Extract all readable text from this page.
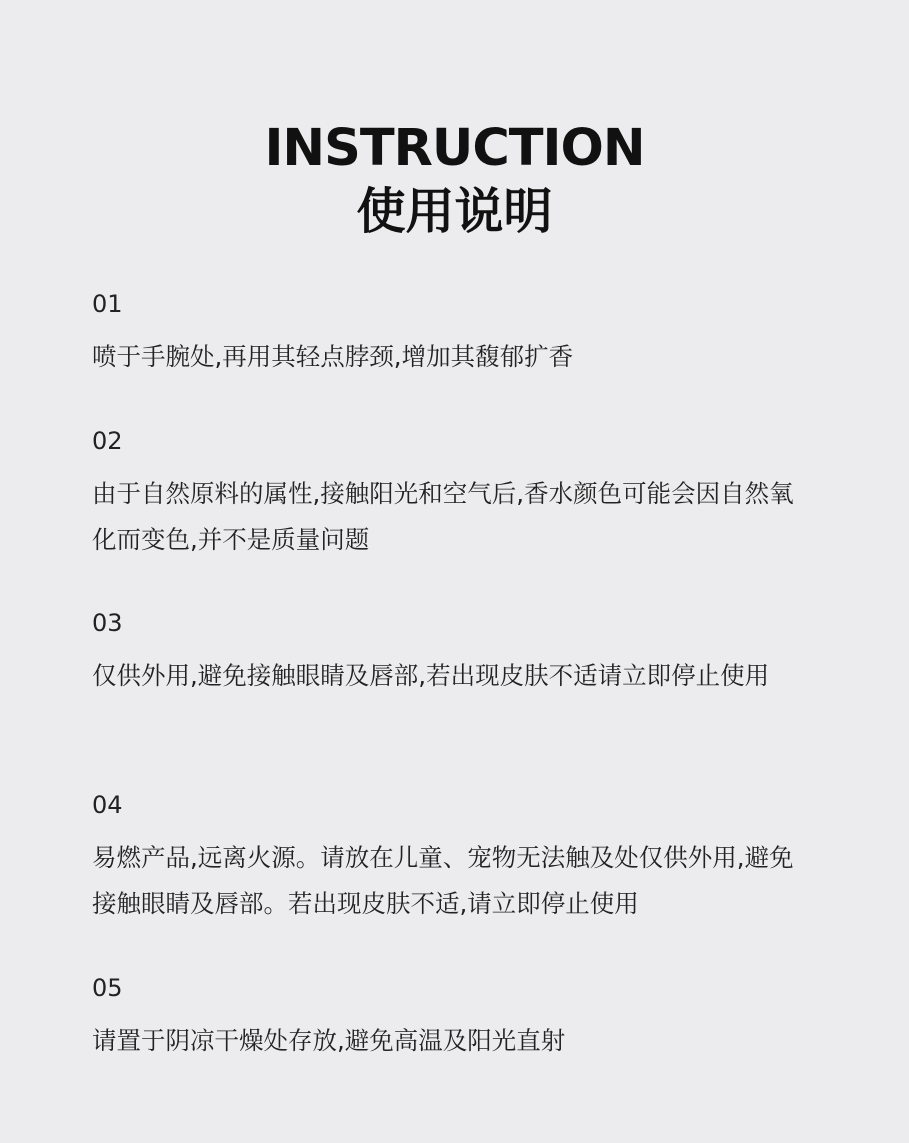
INSTRUCTION
使用说明
01
喷于手腕处,再用其轻点脖颈,增加其馥郁扩香
02
由于自然原料的属性,接触阳光和空气后,香水颜色可能会因自然氧化而变色,并不是质量问题
03
仅供外用,避免接触眼睛及唇部,若出现皮肤不适请立即停止使用
04
易燃产品,远离火源。请放在儿童、宠物无法触及处仅供外用,避免接触眼睛及唇部。若出现皮肤不适,请立即停止使用
05
请置于阴凉干燥处存放,避免高温及阳光直射
